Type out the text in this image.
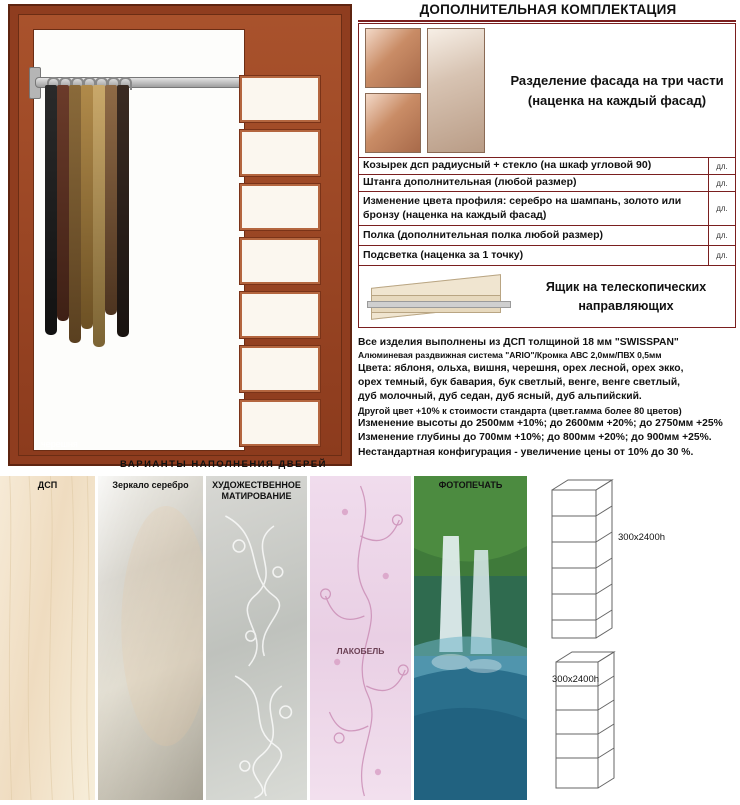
черешня
ДОПОЛНИТЕЛЬНАЯ КОМПЛЕКТАЦИЯ
Разделение фасада на три части (наценка на каждый фасад)
Козырек дсп радиусный + стекло (на шкаф угловой 90)	дл.
Штанга дополнительная (любой размер)	дл.
Изменение цвета профиля: серебро на шампань, золото или бронзу (наценка на каждый фасад)	дл.
Полка (дополнительная полка любой размер)	дл.
Подсветка (наценка за 1 точку)	дл.
Ящик на телескопических направляющих
Все изделия выполнены из ДСП толщиной 18 мм "SWISSPAN"
Алюминевая раздвижная система "ARIO"/Кромка АВС 2,0мм/ПВХ 0,5мм
Цвета: яблоня, ольха, вишня, черешня, орех лесной, орех экко,
орех темный, бук бавария, бук светлый, венге, венге светлый,
дуб молочный, дуб седан, дуб ясный, дуб альпийский.
Другой цвет +10% к стоимости стандарта (цвет.гамма более 80 цветов)
Изменение высоты до 2500мм +10%; до 2600мм +20%; до 2750мм +25%
Изменение глубины до 700мм +10%; до 800мм +20%; до 900мм +25%.
Нестандартная конфигурация - увеличение цены от 10% до 30 %.
ВАРИАНТЫ НАПОЛНЕНИЯ ДВЕРЕЙ
ДСП	Зеркало серебро	ХУДОЖЕСТВЕННОЕ МАТИРОВАНИЕ
ЛАКОБЕЛЬ
ФОТОПЕЧАТЬ
300x2400h
300x2400h
